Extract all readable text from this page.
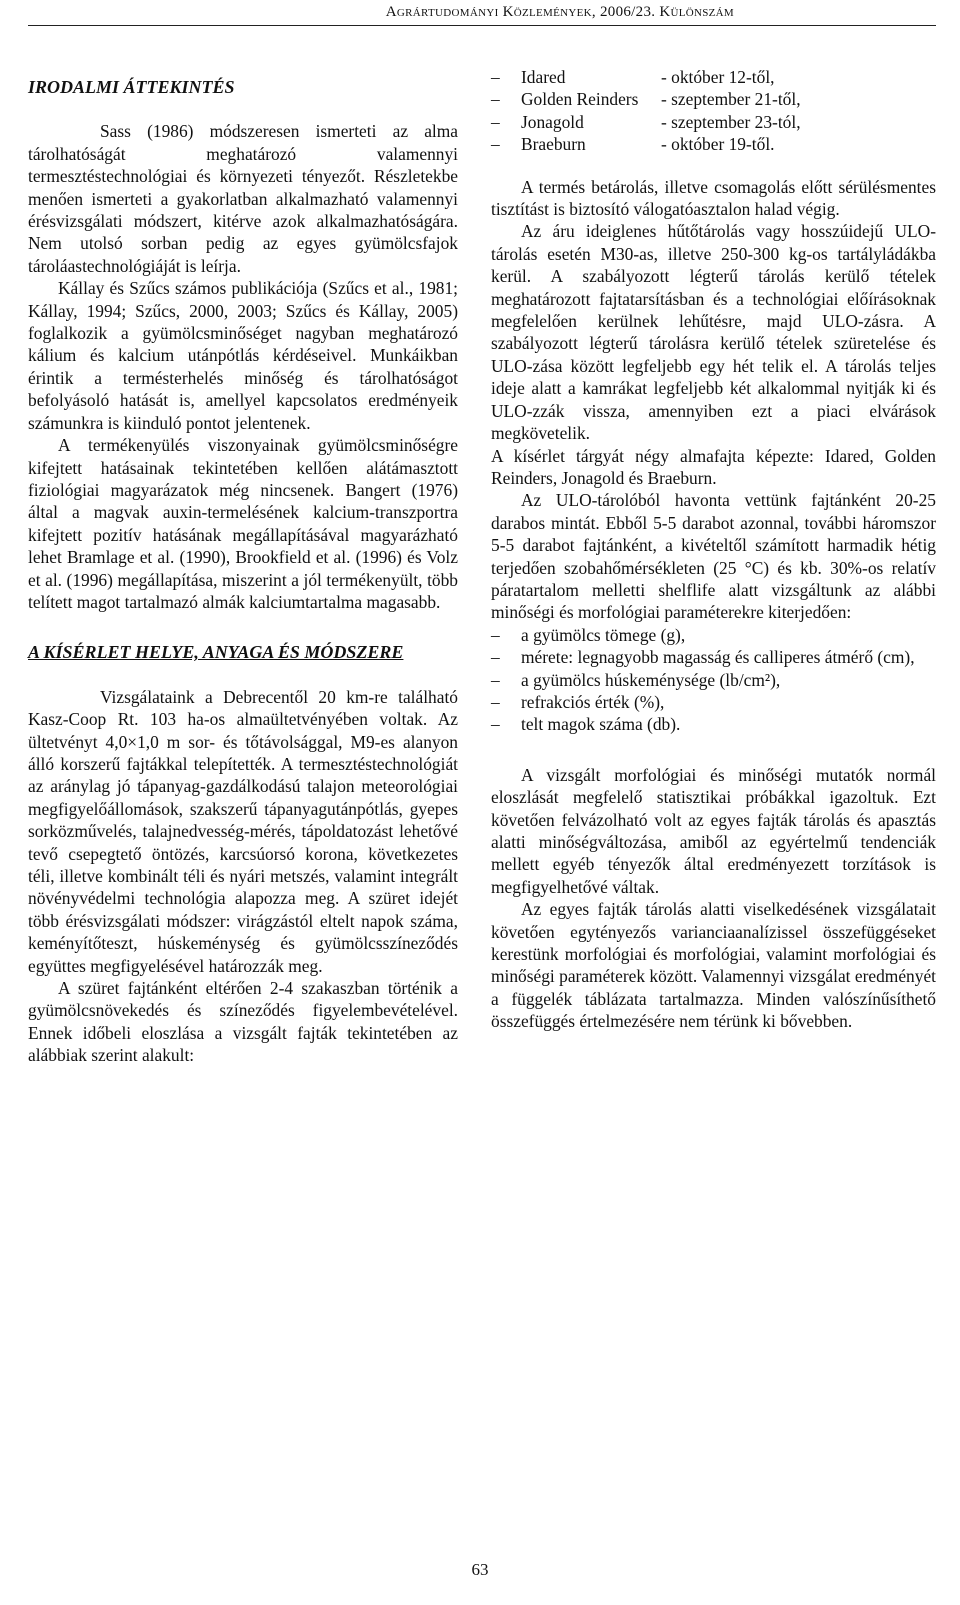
Agrártudományi Közlemények, 2006/23. Különszám

IRODALMI ÁTTEKINTÉS

Sass (1986) módszeresen ismerteti az alma tárolhatóságát meghatározó valamennyi termesztéstechnológiai és környezeti tényezőt. Részletekbe menően ismerteti a gyakorlatban alkalmazható valamennyi érésvizsgálati módszert, kitérve azok alkalmazhatóságára. Nem utolsó sorban pedig az egyes gyümölcsfajok tároláastechnológiáját is leírja.

Kállay és Szűcs számos publikációja (Szűcs et al., 1981; Kállay, 1994; Szűcs, 2000, 2003; Szűcs és Kállay, 2005) foglalkozik a gyümölcsminőséget nagyban meghatározó kálium és kalcium utánpótlás kérdéseivel. Munkáikban érintik a termésterhelés minőség és tárolhatóságot befolyásoló hatását is, amellyel kapcsolatos eredményeik számunkra is kiinduló pontot jelentenek.

A termékenyülés viszonyainak gyümölcsminőségre kifejtett hatásainak tekintetében kellően alátámasztott fiziológiai magyarázatok még nincsenek. Bangert (1976) által a magvak auxin-termelésének kalcium-transzportra kifejtett pozitív hatásának megállapításával magyarázható lehet Bramlage et al. (1990), Brookfield et al. (1996) és Volz et al. (1996) megállapítása, miszerint a jól termékenyült, több telített magot tartalmazó almák kalciumtartalma magasabb.

A KÍSÉRLET HELYE, ANYAGA ÉS MÓDSZERE

Vizsgálataink a Debrecentől 20 km-re található Kasz-Coop Rt. 103 ha-os almaültetvényében voltak. Az ültetvényt 4,0×1,0 m sor- és tőtávolsággal, M9-es alanyon álló korszerű fajtákkal telepítették. A termesztéstechnológiát az aránylag jó tápanyag-gazdálkodású talajon meteorológiai megfigyelőállomások, szakszerű tápanyagutánpótlás, gyepes sorközművelés, talajnedvesség-mérés, tápoldatozást lehetővé tevő csepegtető öntözés, karcsúorsó korona, következetes téli, illetve kombinált téli és nyári metszés, valamint integrált növényvédelmi technológia alapozza meg. A szüret idejét több érésvizsgálati módszer: virágzástól eltelt napok száma, keményítőteszt, húskeménység és gyümölcsszíneződés együttes megfigyelésével határozzák meg.

A szüret fajtánként eltérően 2-4 szakaszban történik a gyümölcsnövekedés és színeződés figyelembevételével. Ennek időbeli eloszlása a vizsgált fajták tekintetében az alábbiak szerint alakult:

–	Idared	- október 12-től,
–	Golden Reinders	- szeptember 21-től,
–	Jonagold	- szeptember 23-tól,
–	Braeburn	- október 19-től.

A termés betárolás, illetve csomagolás előtt sérülésmentes tisztítást is biztosító válogatóasztalon halad végig.

Az áru ideiglenes hűtőtárolás vagy hosszúidejű ULO-tárolás esetén M30-as, illetve 250-300 kg-os tartályládákba kerül. A szabályozott légterű tárolás kerülő tételek meghatározott fajtatarsításban és a technológiai előírásoknak megfelelően kerülnek lehűtésre, majd ULO-zásra. A szabályozott légterű tárolásra kerülő tételek szüretelése és ULO-zása között legfeljebb egy hét telik el. A tárolás teljes ideje alatt a kamrákat legfeljebb két alkalommal nyitják ki és ULO-zzák vissza, amennyiben ezt a piaci elvárások megkövetelik.

A kísérlet tárgyát négy almafajta képezte: Idared, Golden Reinders, Jonagold és Braeburn.

Az ULO-tárolóból havonta vettünk fajtánként 20-25 darabos mintát. Ebből 5-5 darabot azonnal, további háromszor 5-5 darabot fajtánként, a kivételtől számított harmadik hétig terjedően szobahőmérsékleten (25 °C) és kb. 30%-os relatív páratartalom melletti shelflife alatt vizsgáltunk az alábbi minőségi és morfológiai paraméterekre kiterjedően:

– a gyümölcs tömege (g),
– mérete: legnagyobb magasság és calliperes átmérő (cm),
– a gyümölcs húskeménysége (lb/cm²),
– refrakciós érték (%),
– telt magok száma (db).

A vizsgált morfológiai és minőségi mutatók normál eloszlását megfelelő statisztikai próbákkal igazoltuk. Ezt követően felvázolható volt az egyes fajták tárolás és apasztás alatti minőségváltozása, amiből az egyértelmű tendenciák mellett egyéb tényezők által eredményezett torzítások is megfigyelhetővé váltak.

Az egyes fajták tárolás alatti viselkedésének vizsgálatait követően egytényezős varianciaanalízissel összefüggéseket kerestünk morfológiai és morfológiai, valamint morfológiai és minőségi paraméterek között. Valamennyi vizsgálat eredményét a függelék táblázata tartalmazza. Minden valószínűsíthető összefüggés értelmezésére nem térünk ki bővebben.

63
